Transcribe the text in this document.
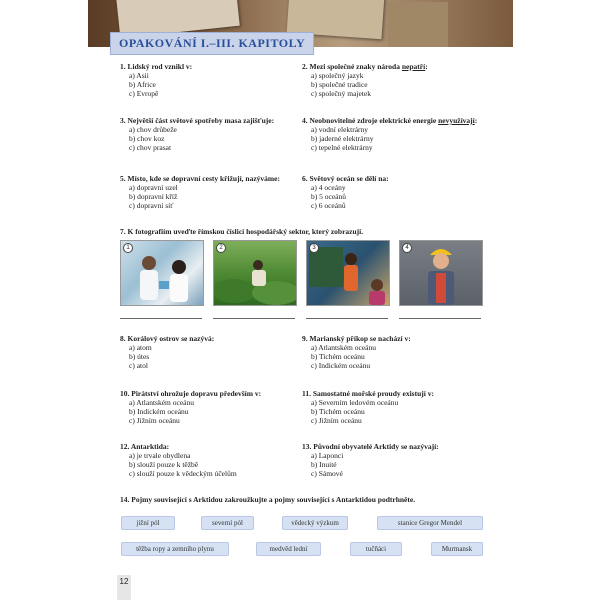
OPAKOVÁNÍ I.–III. KAPITOLY
1. Lidský rod vznikl v:
a) Asii
b) Africe
c) Evropě
2. Mezi společné znaky národa nepatří:
a) společný jazyk
b) společné tradice
c) společný majetek
3. Největší část světové spotřeby masa zajišťuje:
a) chov drůbeže
b) chov koz
c) chov prasat
4. Neobnovitelné zdroje elektrické energie nevyužívají:
a) vodní elektrárny
b) jaderné elektrárny
c) tepelné elektrárny
5. Místo, kde se dopravní cesty křižují, nazýváme:
a) dopravní uzel
b) dopravní kříž
c) dopravní síť
6. Světový oceán se dělí na:
a) 4 oceány
b) 5 oceánů
c) 6 oceánů
7. K fotografiím uveďte římskou číslicí hospodářský sektor, který zobrazují.
1	2	3	4
8. Korálový ostrov se nazývá:
a) atom
b) útes
c) atol
9. Marianský příkop se nachází v:
a) Atlantském oceánu
b) Tichém oceánu
c) Indickém oceánu
10. Pirátství ohrožuje dopravu především v:
a) Atlantském oceánu
b) Indickém oceánu
c) Jižním oceánu
11. Samostatné mořské proudy existují v:
a) Severním ledovém oceánu
b) Tichém oceánu
c) Jižním oceánu
12. Antarktida:
a) je trvale obydlena
b) slouží pouze k těžbě
c) slouží pouze k vědeckým účelům
13. Původní obyvatelé Arktidy se nazývají:
a) Laponci
b) Inuité
c) Sámové
14. Pojmy související s Arktidou zakroužkujte a pojmy související s Antarktidou podtrhněte.
jižní pól	severní pól	vědecký výzkum	stanice Gregor Mendel
těžba ropy a zemního plynu	medvěd lední	tučňáci	Murmansk
12
